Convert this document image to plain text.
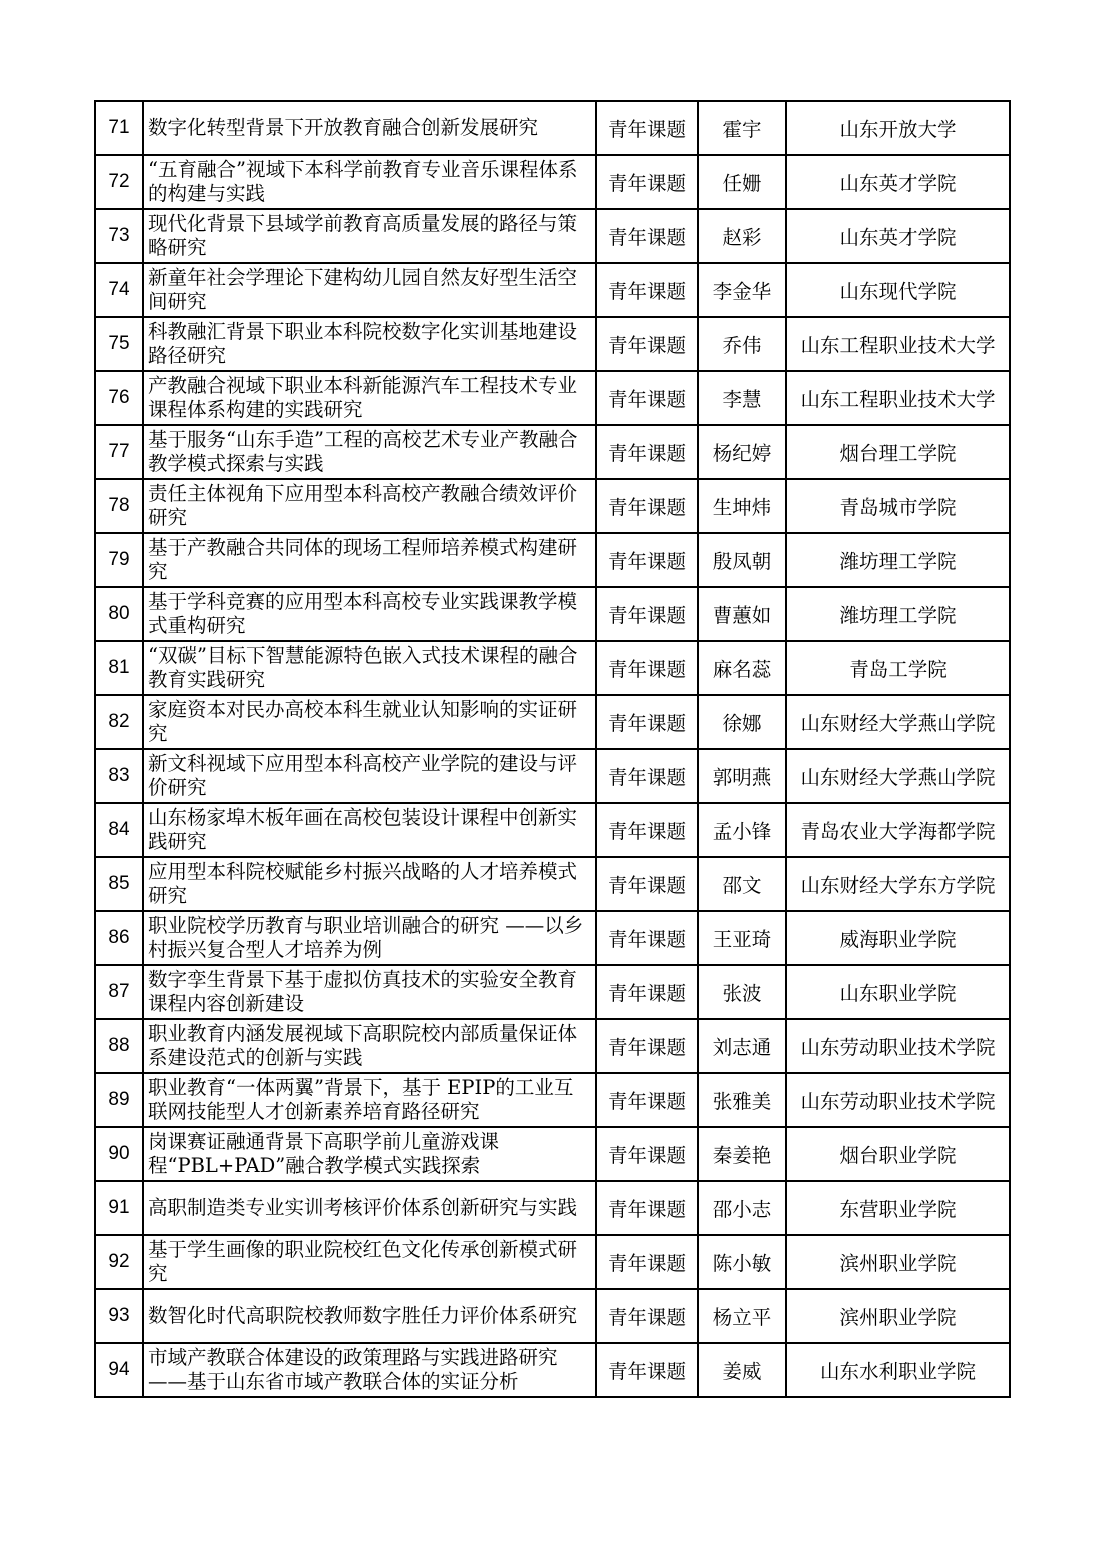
71	数字化转型背景下开放教育融合创新发展研究	青年课题	霍宇	山东开放大学
72	“五育融合”视域下本科学前教育专业音乐课程体系的构建与实践	青年课题	任姗	山东英才学院
73	现代化背景下县域学前教育高质量发展的路径与策略研究	青年课题	赵彩	山东英才学院
74	新童年社会学理论下建构幼儿园自然友好型生活空间研究	青年课题	李金华	山东现代学院
75	科教融汇背景下职业本科院校数字化实训基地建设路径研究	青年课题	乔伟	山东工程职业技术大学
76	产教融合视域下职业本科新能源汽车工程技术专业课程体系构建的实践研究	青年课题	李慧	山东工程职业技术大学
77	基于服务“山东手造”工程的高校艺术专业产教融合教学模式探索与实践	青年课题	杨纪婷	烟台理工学院
78	责任主体视角下应用型本科高校产教融合绩效评价研究	青年课题	生坤炜	青岛城市学院
79	基于产教融合共同体的现场工程师培养模式构建研究	青年课题	殷凤朝	潍坊理工学院
80	基于学科竞赛的应用型本科高校专业实践课教学模式重构研究	青年课题	曹蕙如	潍坊理工学院
81	“双碳”目标下智慧能源特色嵌入式技术课程的融合教育实践研究	青年课题	麻名蕊	青岛工学院
82	家庭资本对民办高校本科生就业认知影响的实证研究	青年课题	徐娜	山东财经大学燕山学院
83	新文科视域下应用型本科高校产业学院的建设与评价研究	青年课题	郭明燕	山东财经大学燕山学院
84	山东杨家埠木板年画在高校包装设计课程中创新实践研究	青年课题	孟小锋	青岛农业大学海都学院
85	应用型本科院校赋能乡村振兴战略的人才培养模式研究	青年课题	邵文	山东财经大学东方学院
86	职业院校学历教育与职业培训融合的研究 ——以乡村振兴复合型人才培养为例	青年课题	王亚琦	威海职业学院
87	数字孪生背景下基于虚拟仿真技术的实验安全教育课程内容创新建设	青年课题	张波	山东职业学院
88	职业教育内涵发展视域下高职院校内部质量保证体系建设范式的创新与实践	青年课题	刘志通	山东劳动职业技术学院
89	职业教育“一体两翼”背景下，基于 EPIP的工业互联网技能型人才创新素养培育路径研究	青年课题	张雅美	山东劳动职业技术学院
90	岗课赛证融通背景下高职学前儿童游戏课程“PBL+PAD”融合教学模式实践探索	青年课题	秦姜艳	烟台职业学院
91	高职制造类专业实训考核评价体系创新研究与实践	青年课题	邵小志	东营职业学院
92	基于学生画像的职业院校红色文化传承创新模式研究	青年课题	陈小敏	滨州职业学院
93	数智化时代高职院校教师数字胜任力评价体系研究	青年课题	杨立平	滨州职业学院
94	市域产教联合体建设的政策理路与实践进路研究——基于山东省市域产教联合体的实证分析	青年课题	姜威	山东水利职业学院
